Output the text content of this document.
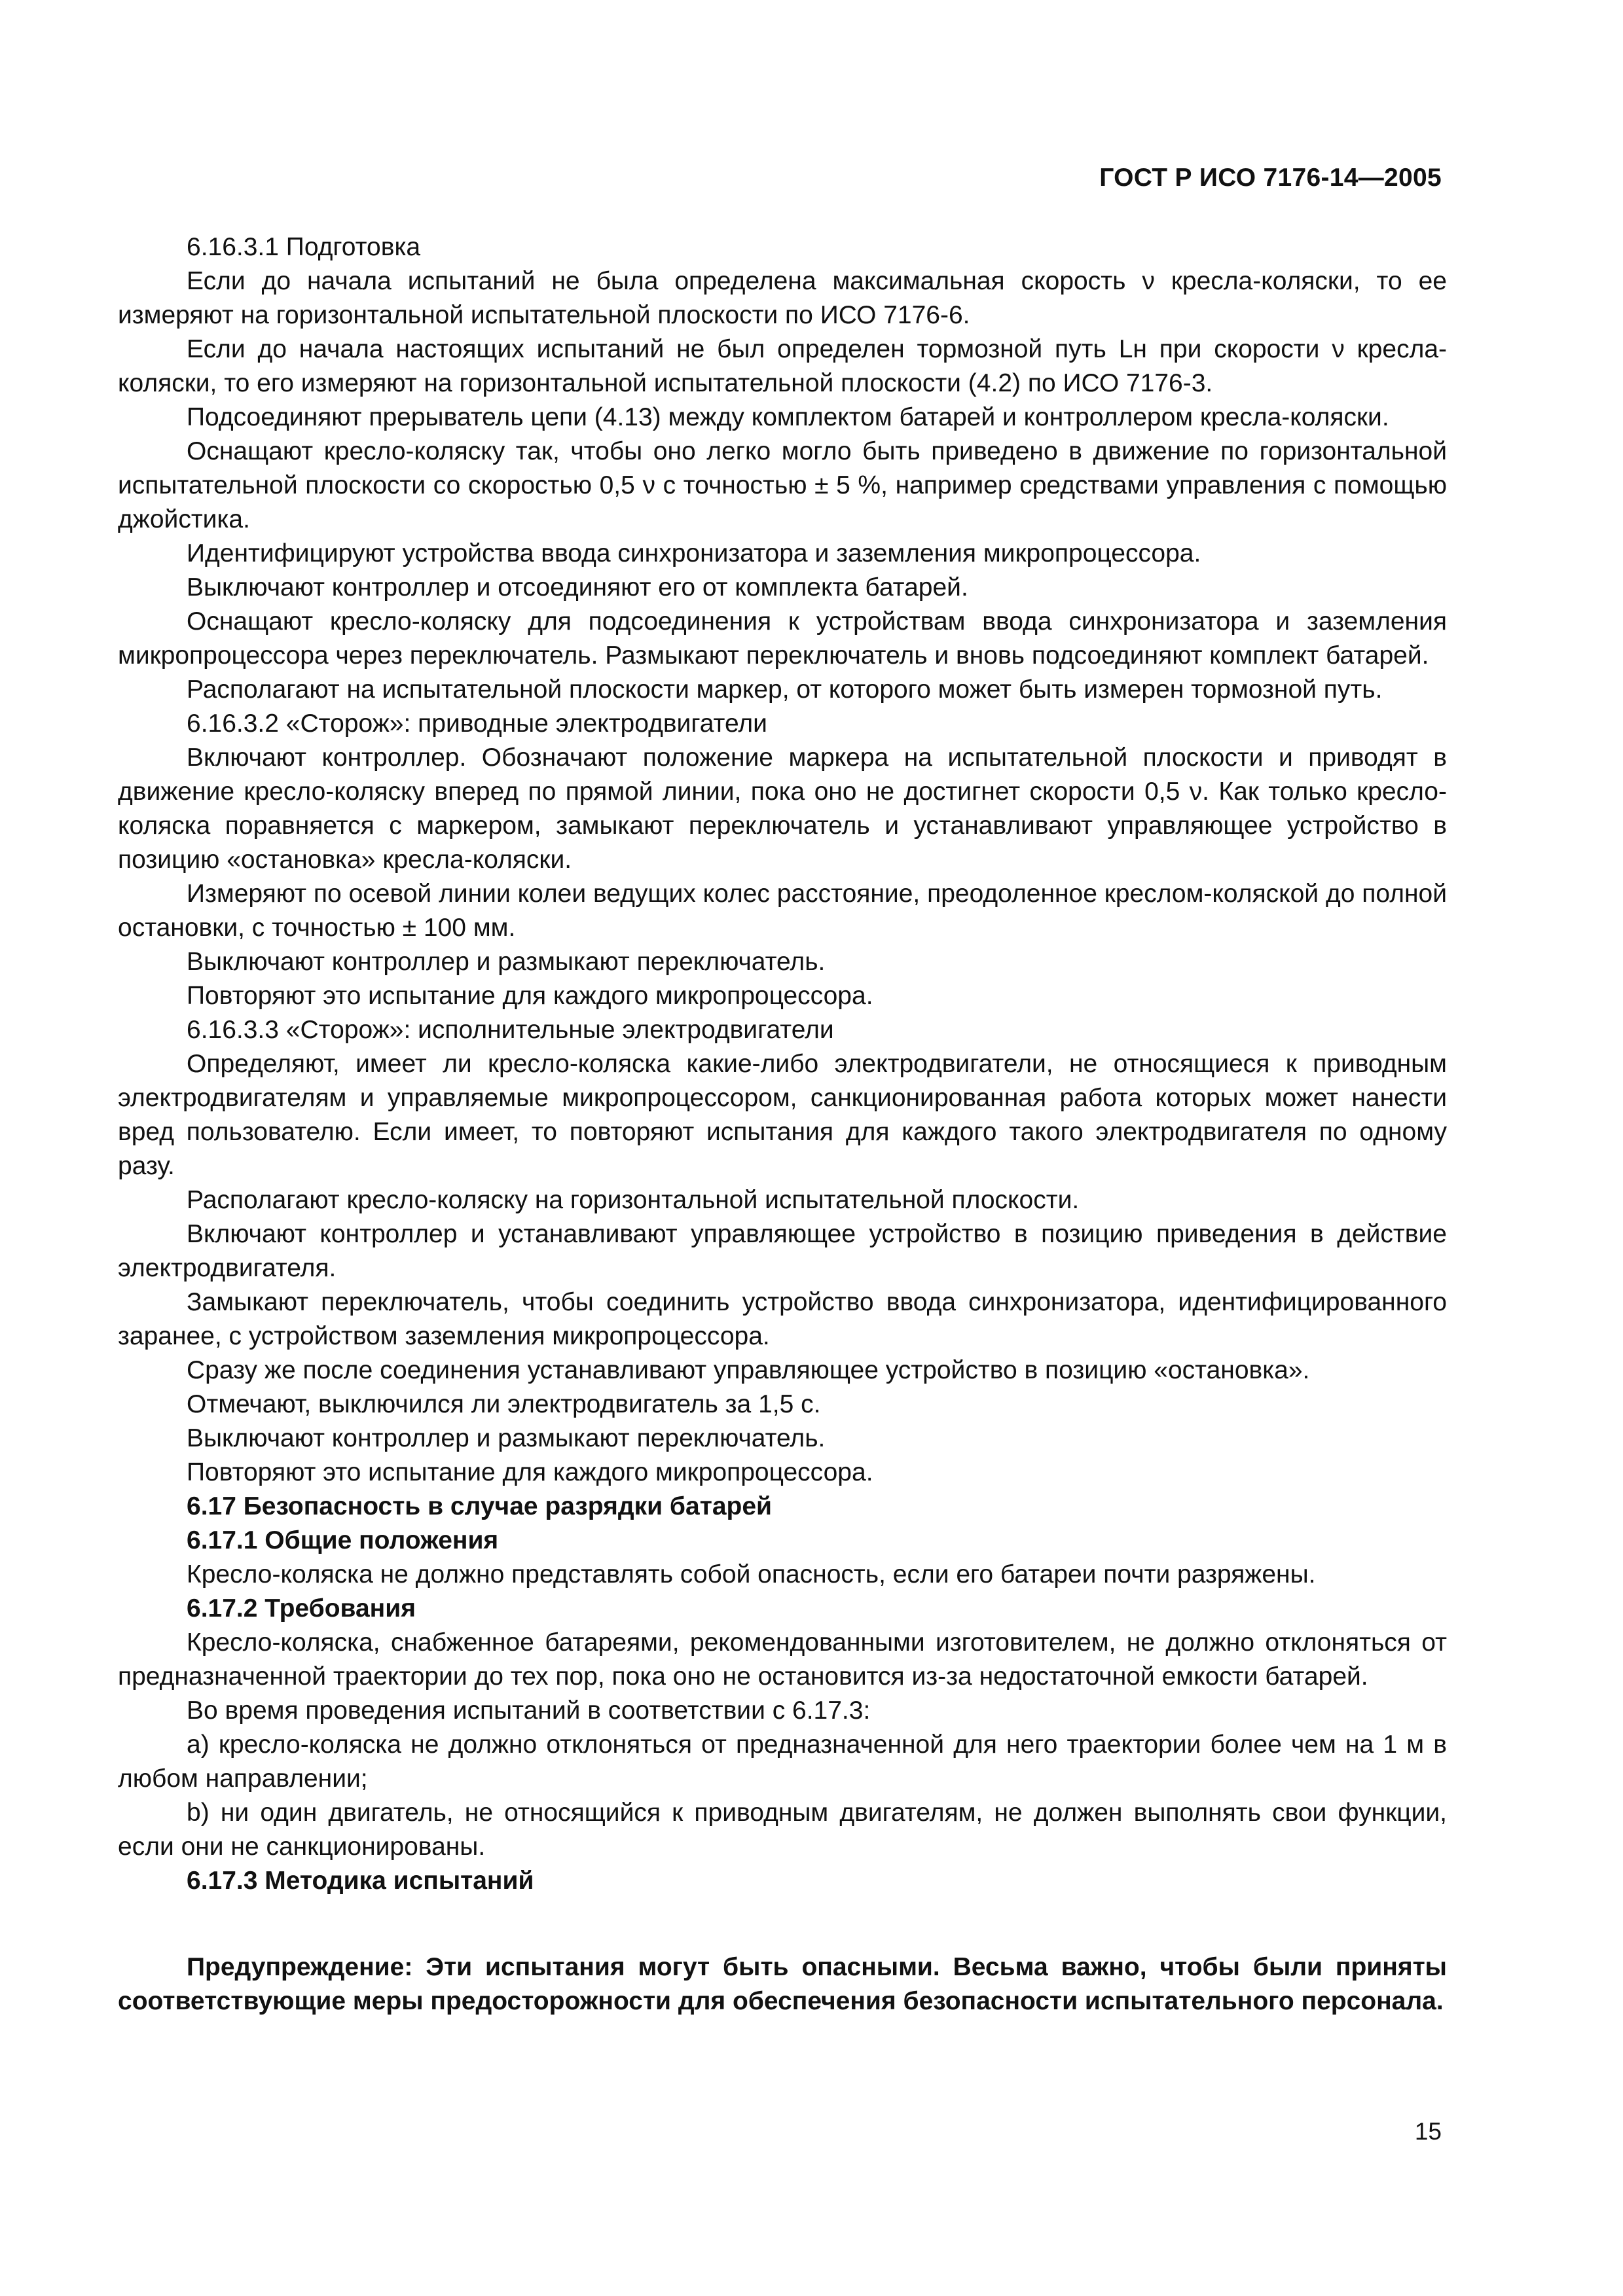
ГОСТ Р ИСО 7176-14—2005

6.16.3.1 Подготовка

Если до начала испытаний не была определена максимальная скорость ν кресла-коляски, то ее измеряют на горизонтальной испытательной плоскости по ИСО 7176-6.

Если до начала настоящих испытаний не был определен тормозной путь Lн при скорости ν кресла-коляски, то его измеряют на горизонтальной испытательной плоскости (4.2) по ИСО 7176-3.

Подсоединяют прерыватель цепи (4.13) между комплектом батарей и контроллером кресла-коляски.

Оснащают кресло-коляску так, чтобы оно легко могло быть приведено в движение по горизонтальной испытательной плоскости со скоростью 0,5 ν с точностью ± 5 %, например средствами управления с помощью джойстика.

Идентифицируют устройства ввода синхронизатора и заземления микропроцессора.

Выключают контроллер и отсоединяют его от комплекта батарей.

Оснащают кресло-коляску для подсоединения к устройствам ввода синхронизатора и заземления микропроцессора через переключатель. Размыкают переключатель и вновь подсоединяют комплект батарей.

Располагают на испытательной плоскости маркер, от которого может быть измерен тормозной путь.

6.16.3.2 «Сторож»: приводные электродвигатели

Включают контроллер. Обозначают положение маркера на испытательной плоскости и приводят в движение кресло-коляску вперед по прямой линии, пока оно не достигнет скорости 0,5 ν. Как только кресло-коляска поравняется с маркером, замыкают переключатель и устанавливают управляющее устройство в позицию «остановка» кресла-коляски.

Измеряют по осевой линии колеи ведущих колес расстояние, преодоленное креслом-коляской до полной остановки, с точностью ± 100 мм.

Выключают контроллер и размыкают переключатель.

Повторяют это испытание для каждого микропроцессора.

6.16.3.3 «Сторож»: исполнительные электродвигатели

Определяют, имеет ли кресло-коляска какие-либо электродвигатели, не относящиеся к приводным электродвигателям и управляемые микропроцессором, санкционированная работа которых может нанести вред пользователю. Если имеет, то повторяют испытания для каждого такого электродвигателя по одному разу.

Располагают кресло-коляску на горизонтальной испытательной плоскости.

Включают контроллер и устанавливают управляющее устройство в позицию приведения в действие электродвигателя.

Замыкают переключатель, чтобы соединить устройство ввода синхронизатора, идентифицированного заранее, с устройством заземления микропроцессора.

Сразу же после соединения устанавливают управляющее устройство в позицию «остановка».

Отмечают, выключился ли электродвигатель за 1,5 с.

Выключают контроллер и размыкают переключатель.

Повторяют это испытание для каждого микропроцессора.

6.17 Безопасность в случае разрядки батарей

6.17.1 Общие положения

Кресло-коляска не должно представлять собой опасность, если его батареи почти разряжены.

6.17.2 Требования

Кресло-коляска, снабженное батареями, рекомендованными изготовителем, не должно отклоняться от предназначенной траектории до тех пор, пока оно не остановится из-за недостаточной емкости батарей.

Во время проведения испытаний в соответствии с 6.17.3:

а) кресло-коляска не должно отклоняться от предназначенной для него траектории более чем на 1 м в любом направлении;

b) ни один двигатель, не относящийся к приводным двигателям, не должен выполнять свои функции, если они не санкционированы.

6.17.3 Методика испытаний

Предупреждение: Эти испытания могут быть опасными. Весьма важно, чтобы были приняты соответствующие меры предосторожности для обеспечения безопасности испытательного персонала.

15
